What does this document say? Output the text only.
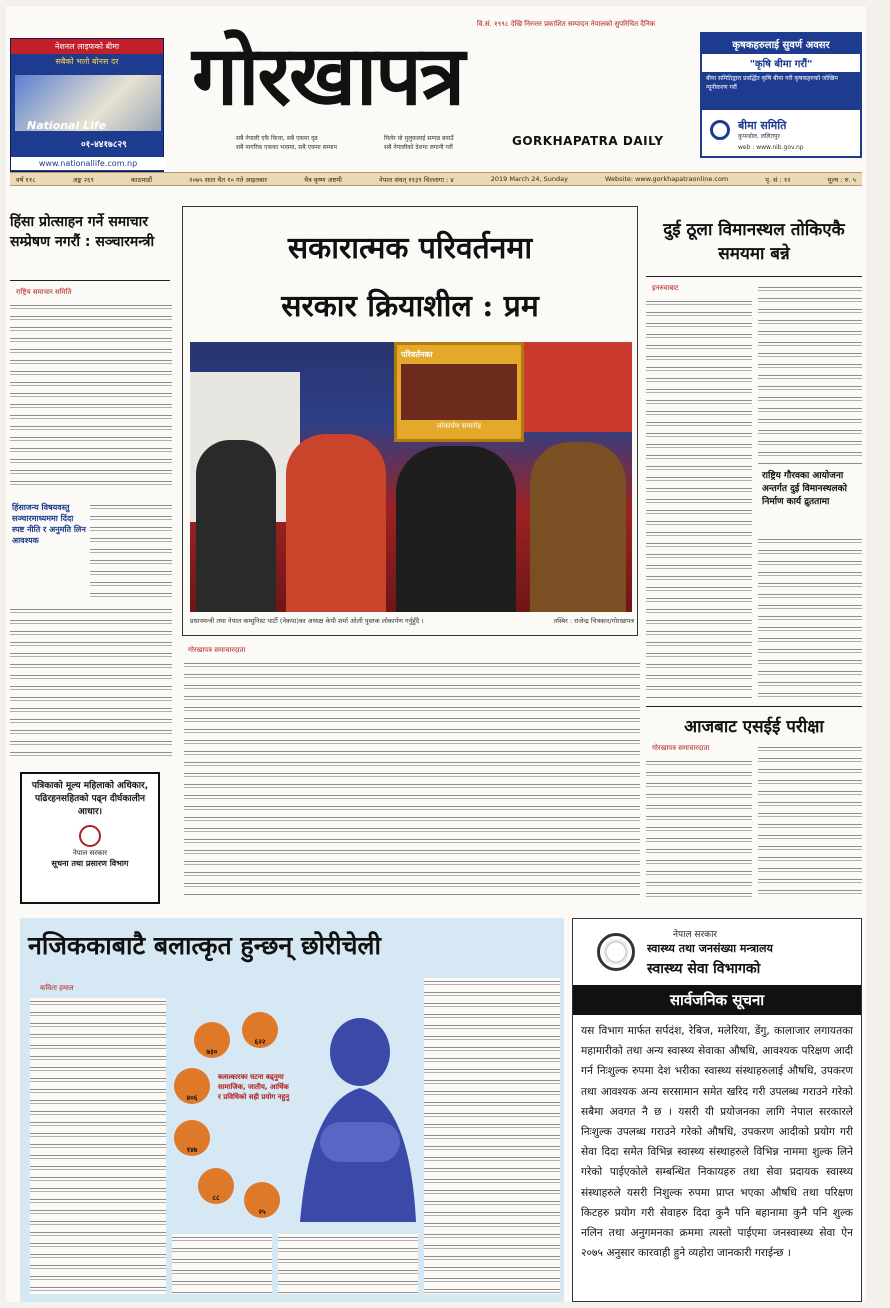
वि.सं. १९९८ देखि निरन्तर प्रकाशित सम्पादन नेपालको सुपरिचित दैनिक
नेशनल लाइफको बीमा
सबैको भलो बोनस दर
National Life
०१-४४१७८२९
www.nationallife.com.np
गोरखापत्र
सबै नेपाली एकै कित्ता, सबै एकमा दृढ
सबै नागरिक एकका भावमा, सबै एकमा सम्मान
मिलेर यो मुलुकलाई सम्पन्न बनाउँ
सबै नेपालीको देशमा लगानी गरौं	GORKHAPATRA DAILY
कृषकहरुलाई सुवर्ण अवसर
"कृषि बीमा गरौं"
बीमा समितिद्वारा प्रवर्द्धित कृषि बीमा गरी कृषकहरुको जोखिम न्यूनीकरण गरौं
बीमा समिति
कुपन्डोल, ललितपुर
web : www.nib.gov.np
वर्ष ११८	अङ्क २६९	काठमाडौं	२०७५ साल चैत १० गते आइतबार	चैत्र कृष्ण अष्टमी	नेपाल संवत् ११३९ चिल्लागा : ४	2019 March 24, Sunday	Website: www.gorkhapatraonline.com	पृ. सं : १२	मूल्य : रु. ५
हिंसा प्रोत्साहन गर्ने समाचार सम्प्रेषण नगरौं : सञ्चारमन्त्री
राष्ट्रिय समाचार समिति
हिंसाजन्य विषयवस्तु सञ्चारमाध्यममा दिंदा स्पष्ट नीति र अनुमति लिन आवश्यक
पत्रिकाको मूल्य महिलाको अधिकार, पढिरहनसहितको पढ्न दीर्घकालीन आधार।
नेपाल सरकार
सूचना तथा प्रसारण विभाग
सकारात्मक परिवर्तनमा
सरकार क्रियाशील : प्रम
परिवर्तनका
लोकार्पण समारोह
प्रधानमन्त्री तथा नेपाल कम्युनिस्ट पार्टी (नेकपा)का अध्यक्ष केपी शर्मा ओली पुस्तक लोकार्पण गर्नुहुँदै ।	तस्बिर : राजेन्द्र चित्रकार/गोरखापत्र
गोरखापत्र समाचारदाता
दुई ठूला विमानस्थल तोकिएकै समयमा बन्ने
इनरुवाबाट
राष्ट्रिय गौरवका आयोजना अन्तर्गत दुई विमानस्थलको निर्माण कार्य द्रुततामा
आजबाट एसईई परीक्षा
गोरखापत्र समाचारदाता
नजिककाबाटै बलात्कृत हुन्छन् छोरीचेली
कविता हमाल
७३०
६२२
४०६
१४७
८८
२५
बलात्कारका घटना बढ्नुमा सामाजिक, जातीय, आर्थिक र प्रविधिको सही प्रयोग नहुनु
नेपाल सरकार
स्वास्थ्य तथा जनसंख्या मन्त्रालय
स्वास्थ्य सेवा विभागको
सार्वजनिक सूचना
यस विभाग मार्फत सर्पदंश, रेबिज, मलेरिया, डेंगु, कालाजार लगायतका महामारीको तथा अन्य स्वास्थ्य सेवाका औषधि, आवश्यक परिक्षण आदी गर्न निःशुल्क रुपमा देश भरीका स्वास्थ्य संस्थाहरुलाई औषधि, उपकरण तथा आवश्यक अन्य सरसामान समेत खरिद गरी उपलब्ध गराउने गरेको सबैमा अवगत नै छ । यसरी यी प्रयोजनका लागि नेपाल सरकारले निःशुल्क उपलब्ध गराउने गरेको औषधि, उपकरण आदीको प्रयोग गरी सेवा दिदा समेत विभिन्न स्वास्थ्य संस्थाहरुले विभिन्न नाममा शुल्क लिने गरेको पाईएकोले सम्बन्धित निकायहरु तथा सेवा प्रदायक स्वास्थ्य संस्थाहरुले यसरी निशुल्क रुपमा प्राप्त भएका औषधि तथा परिक्षण किटहरु प्रयोग गरी सेवाहरु दिदा कुनै पनि बहानामा कुनै पनि शुल्क नलिन तथा अनुगमनका क्रममा त्यस्तो पाईएमा जनस्वास्थ्य सेवा ऐन २०७५ अनुसार कारवाही हुने व्यहोरा जानकारी गराईन्छ ।
